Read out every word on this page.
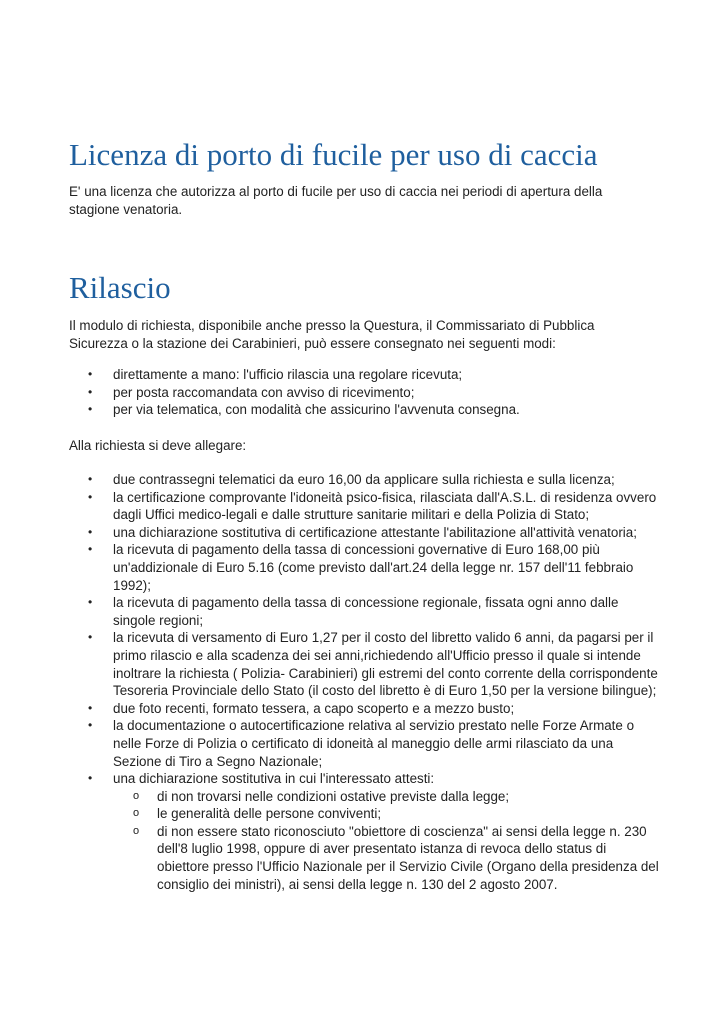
Licenza di porto di fucile per uso di caccia

E' una licenza che autorizza al porto di fucile per uso di caccia nei periodi di apertura della stagione venatoria.

Rilascio

Il modulo di richiesta, disponibile anche presso la Questura, il Commissariato di Pubblica Sicurezza o la stazione dei Carabinieri, può essere consegnato nei seguenti modi:

• direttamente a mano: l'ufficio rilascia una regolare ricevuta;
• per posta raccomandata con avviso di ricevimento;
• per via telematica, con modalità che assicurino l'avvenuta consegna.

Alla richiesta si deve allegare:

• due contrassegni telematici da euro 16,00 da applicare sulla richiesta e sulla licenza;
• la certificazione comprovante l'idoneità psico-fisica, rilasciata dall'A.S.L. di residenza ovvero dagli Uffici medico-legali e dalle strutture sanitarie militari e della Polizia di Stato;
• una dichiarazione sostitutiva di certificazione attestante l'abilitazione all'attività venatoria;
• la ricevuta di pagamento della tassa di concessioni governative di Euro 168,00 più un'addizionale di Euro 5.16 (come previsto dall'art.24 della legge nr. 157 dell'11 febbraio 1992);
• la ricevuta di pagamento della tassa di concessione regionale, fissata ogni anno dalle singole regioni;
• la ricevuta di versamento di Euro 1,27 per il costo del libretto valido 6 anni, da pagarsi per il primo rilascio e alla scadenza dei sei anni,richiedendo all'Ufficio presso il quale si intende inoltrare la richiesta ( Polizia- Carabinieri) gli estremi del conto corrente della corrispondente Tesoreria Provinciale dello Stato (il costo del libretto è di Euro 1,50 per la versione bilingue);
• due foto recenti, formato tessera, a capo scoperto e a mezzo busto;
• la documentazione o autocertificazione relativa al servizio prestato nelle Forze Armate o nelle Forze di Polizia o certificato di idoneità al maneggio delle armi rilasciato da una Sezione di Tiro a Segno Nazionale;
• una dichiarazione sostitutiva in cui l'interessato attesti:
o di non trovarsi nelle condizioni ostative previste dalla legge;
o le generalità delle persone conviventi;
o di non essere stato riconosciuto "obiettore di coscienza" ai sensi della legge n. 230 dell'8 luglio 1998, oppure di aver presentato istanza di revoca dello status di obiettore presso l'Ufficio Nazionale per il Servizio Civile (Organo della presidenza del consiglio dei ministri), ai sensi della legge n. 130 del 2 agosto 2007.
